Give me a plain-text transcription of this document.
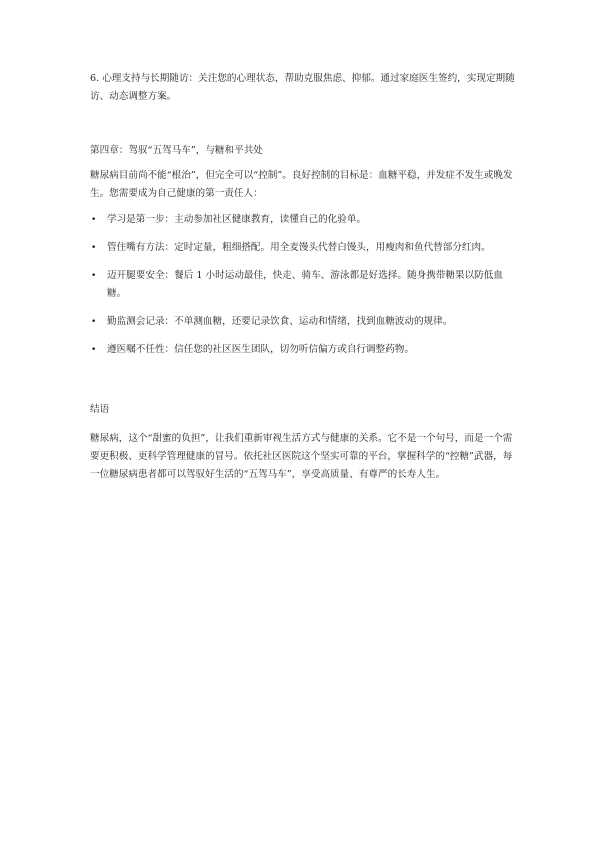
6. 心理支持与长期随访：关注您的心理状态，帮助克服焦虑、抑郁。通过家庭医生签约，实现定期随访、动态调整方案。

第四章：驾驭“五驾马车”，与糖和平共处

糖尿病目前尚不能“根治”，但完全可以“控制”。良好控制的目标是：血糖平稳，并发症不发生或晚发生。您需要成为自己健康的第一责任人：

• 学习是第一步：主动参加社区健康教育，读懂自己的化验单。
• 管住嘴有方法：定时定量，粗细搭配。用全麦馒头代替白馒头，用瘦肉和鱼代替部分红肉。
• 迈开腿要安全：餐后 1 小时运动最佳，快走、骑车、游泳都是好选择。随身携带糖果以防低血糖。
• 勤监测会记录：不单测血糖，还要记录饮食、运动和情绪，找到血糖波动的规律。
• 遵医嘱不任性：信任您的社区医生团队，切勿听信偏方或自行调整药物。

结语

糖尿病，这个“甜蜜的负担”，让我们重新审视生活方式与健康的关系。它不是一个句号，而是一个需要更积极、更科学管理健康的冒号。依托社区医院这个坚实可靠的平台，掌握科学的“控糖”武器，每一位糖尿病患者都可以驾驭好生活的“五驾马车”，享受高质量、有尊严的长寿人生。
